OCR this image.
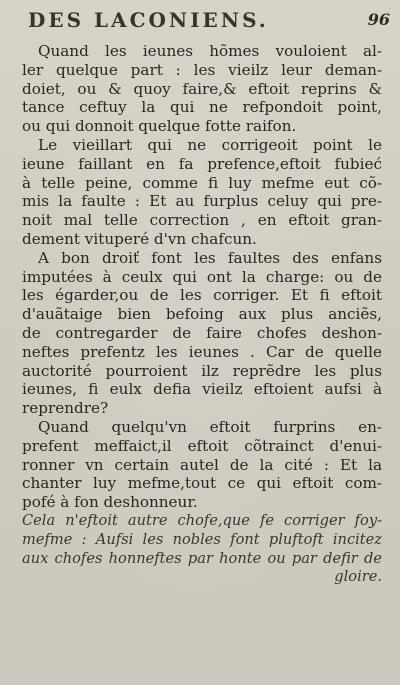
DES LACONIENS.	96
Quand les ieunes hõmes vouloient al-
ler quelque part : les vieilz leur deman-
doiet, ou & quoy faire,& eftoit reprins &
tance ceftuy la qui ne refpondoit point,
ou qui donnoit quelque fotte raifon.
Le vieillart qui ne corrigeoit point le
ieune faillant en fa prefence,eftoit fubieć
à telle peine, comme fi luy mefme eut cõ-
mis la faulte : Et au furplus celuy qui pre-
noit mal telle correction , en eftoit gran-
dement vituperé d'vn chafcun.
A bon droiť font les faultes des enfans
imputées à ceulx qui ont la charge: ou de
les égarder,ou de les corriger. Et fi eftoit
d'auãtaige bien befoing aux plus anciẽs,
de contregarder de faire chofes deshon-
neftes prefentz les ieunes . Car de quelle
auctorité pourroient ilz reprẽdre les plus
ieunes, fi eulx defia vieilz eftoient aufsi à
reprendre?
Quand quelqu'vn eftoit furprins en-
prefent meffaict,il eftoit cõtrainct d'enui-
ronner vn certain autel de la cité : Et la
chanter luy mefme,tout ce qui eftoit com-
pofé à fon deshonneur.
Cela n'eftoit autre chofe,que fe corriger foy-
mefme : Aufsi les nobles font pluftoft incitez
aux chofes honneftes par honte ou par defir de
gloire.
